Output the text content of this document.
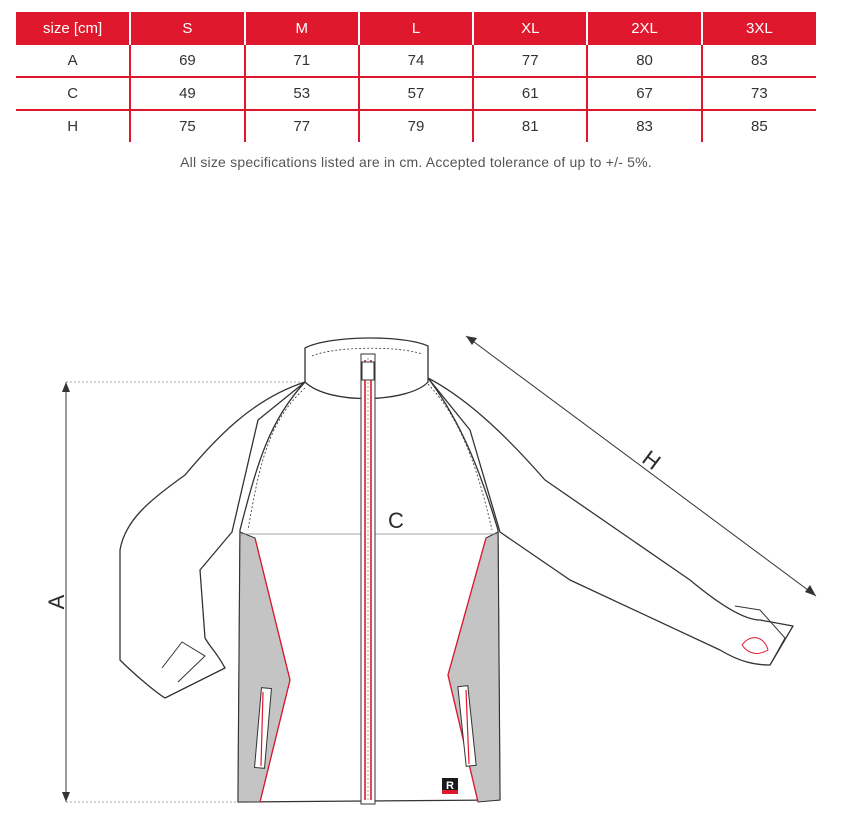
size [cm]	S	M	L	XL	2XL	3XL
A	69	71	74	77	80	83
C	49	53	57	61	67	73
H	75	77	79	81	83	85
All size specifications listed are in cm. Accepted tolerance of up to +/- 5%.
A
H
C
R
